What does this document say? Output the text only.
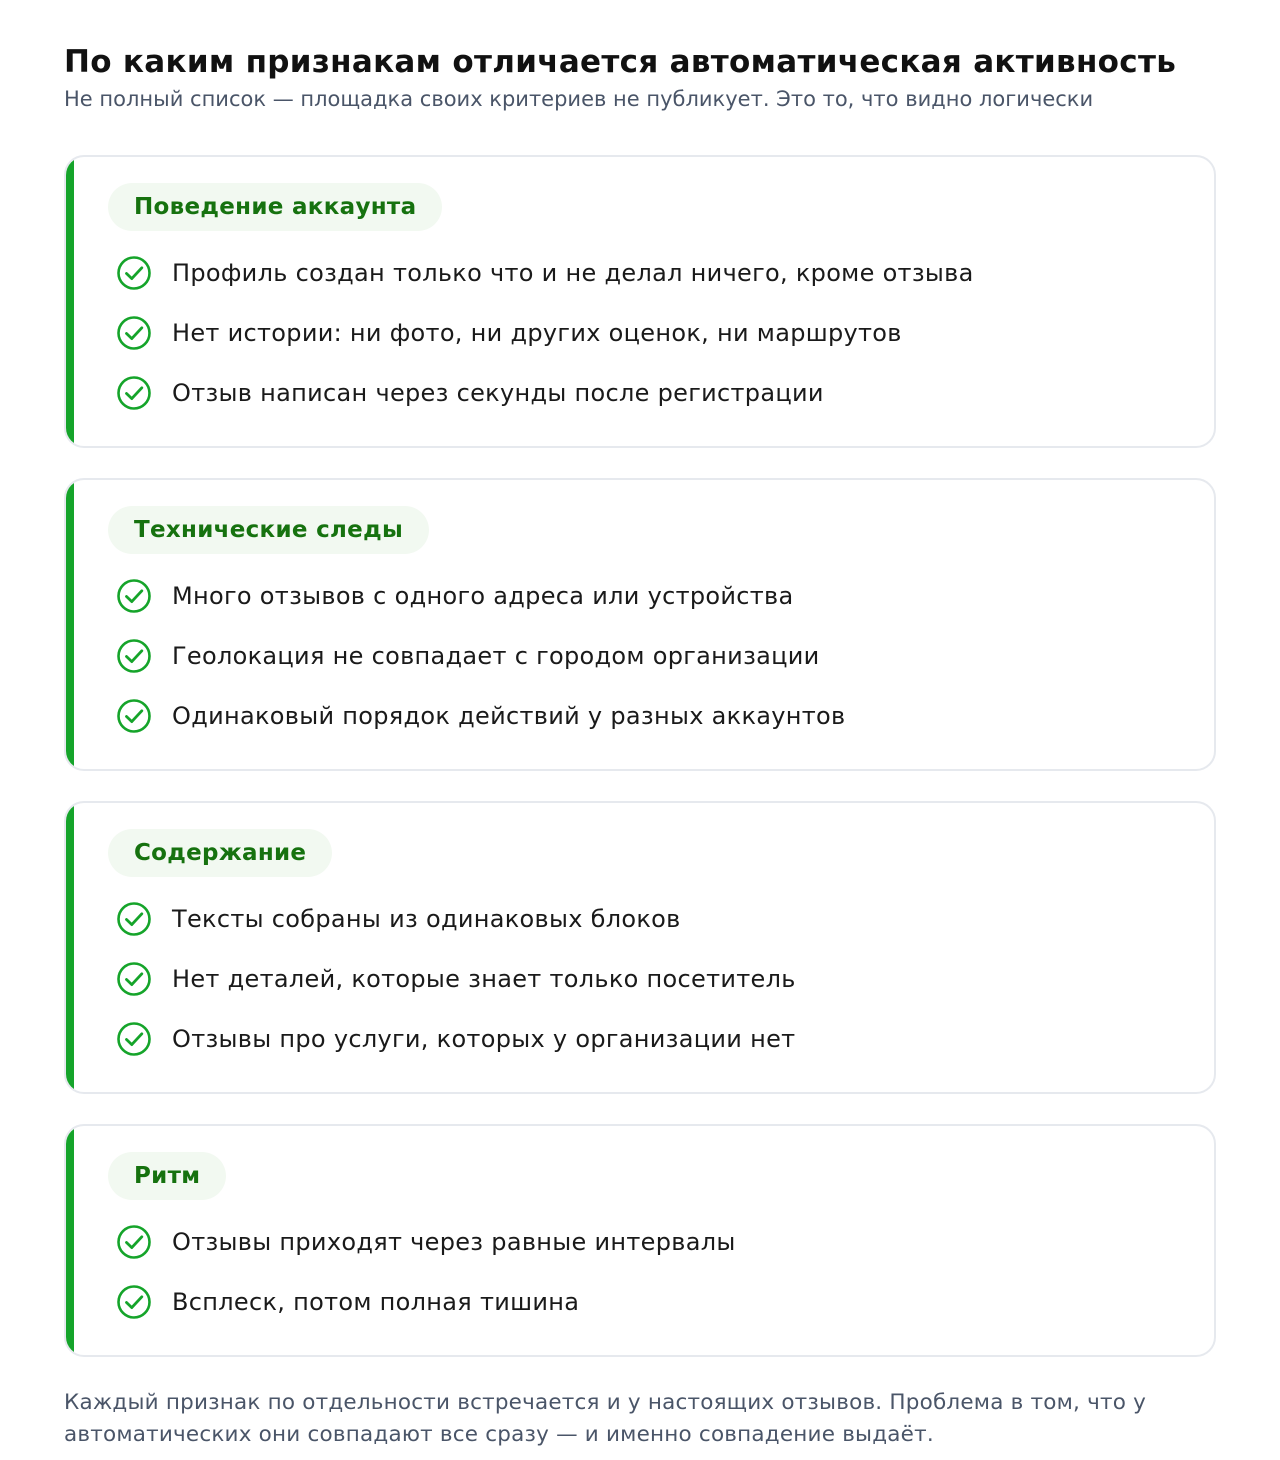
По каким признакам отличается автоматическая активность

Не полный список — площадка своих критериев не публикует. Это то, что видно логически

Поведение аккаунта
Профиль создан только что и не делал ничего, кроме отзыва
Нет истории: ни фото, ни других оценок, ни маршрутов
Отзыв написан через секунды после регистрации
Технические следы
Много отзывов с одного адреса или устройства
Геолокация не совпадает с городом организации
Одинаковый порядок действий у разных аккаунтов
Содержание
Тексты собраны из одинаковых блоков
Нет деталей, которые знает только посетитель
Отзывы про услуги, которых у организации нет
Ритм
Отзывы приходят через равные интервалы
Всплеск, потом полная тишина

Каждый признак по отдельности встречается и у настоящих отзывов. Проблема в том, что у автоматических они совпадают все сразу — и именно совпадение выдаёт.
